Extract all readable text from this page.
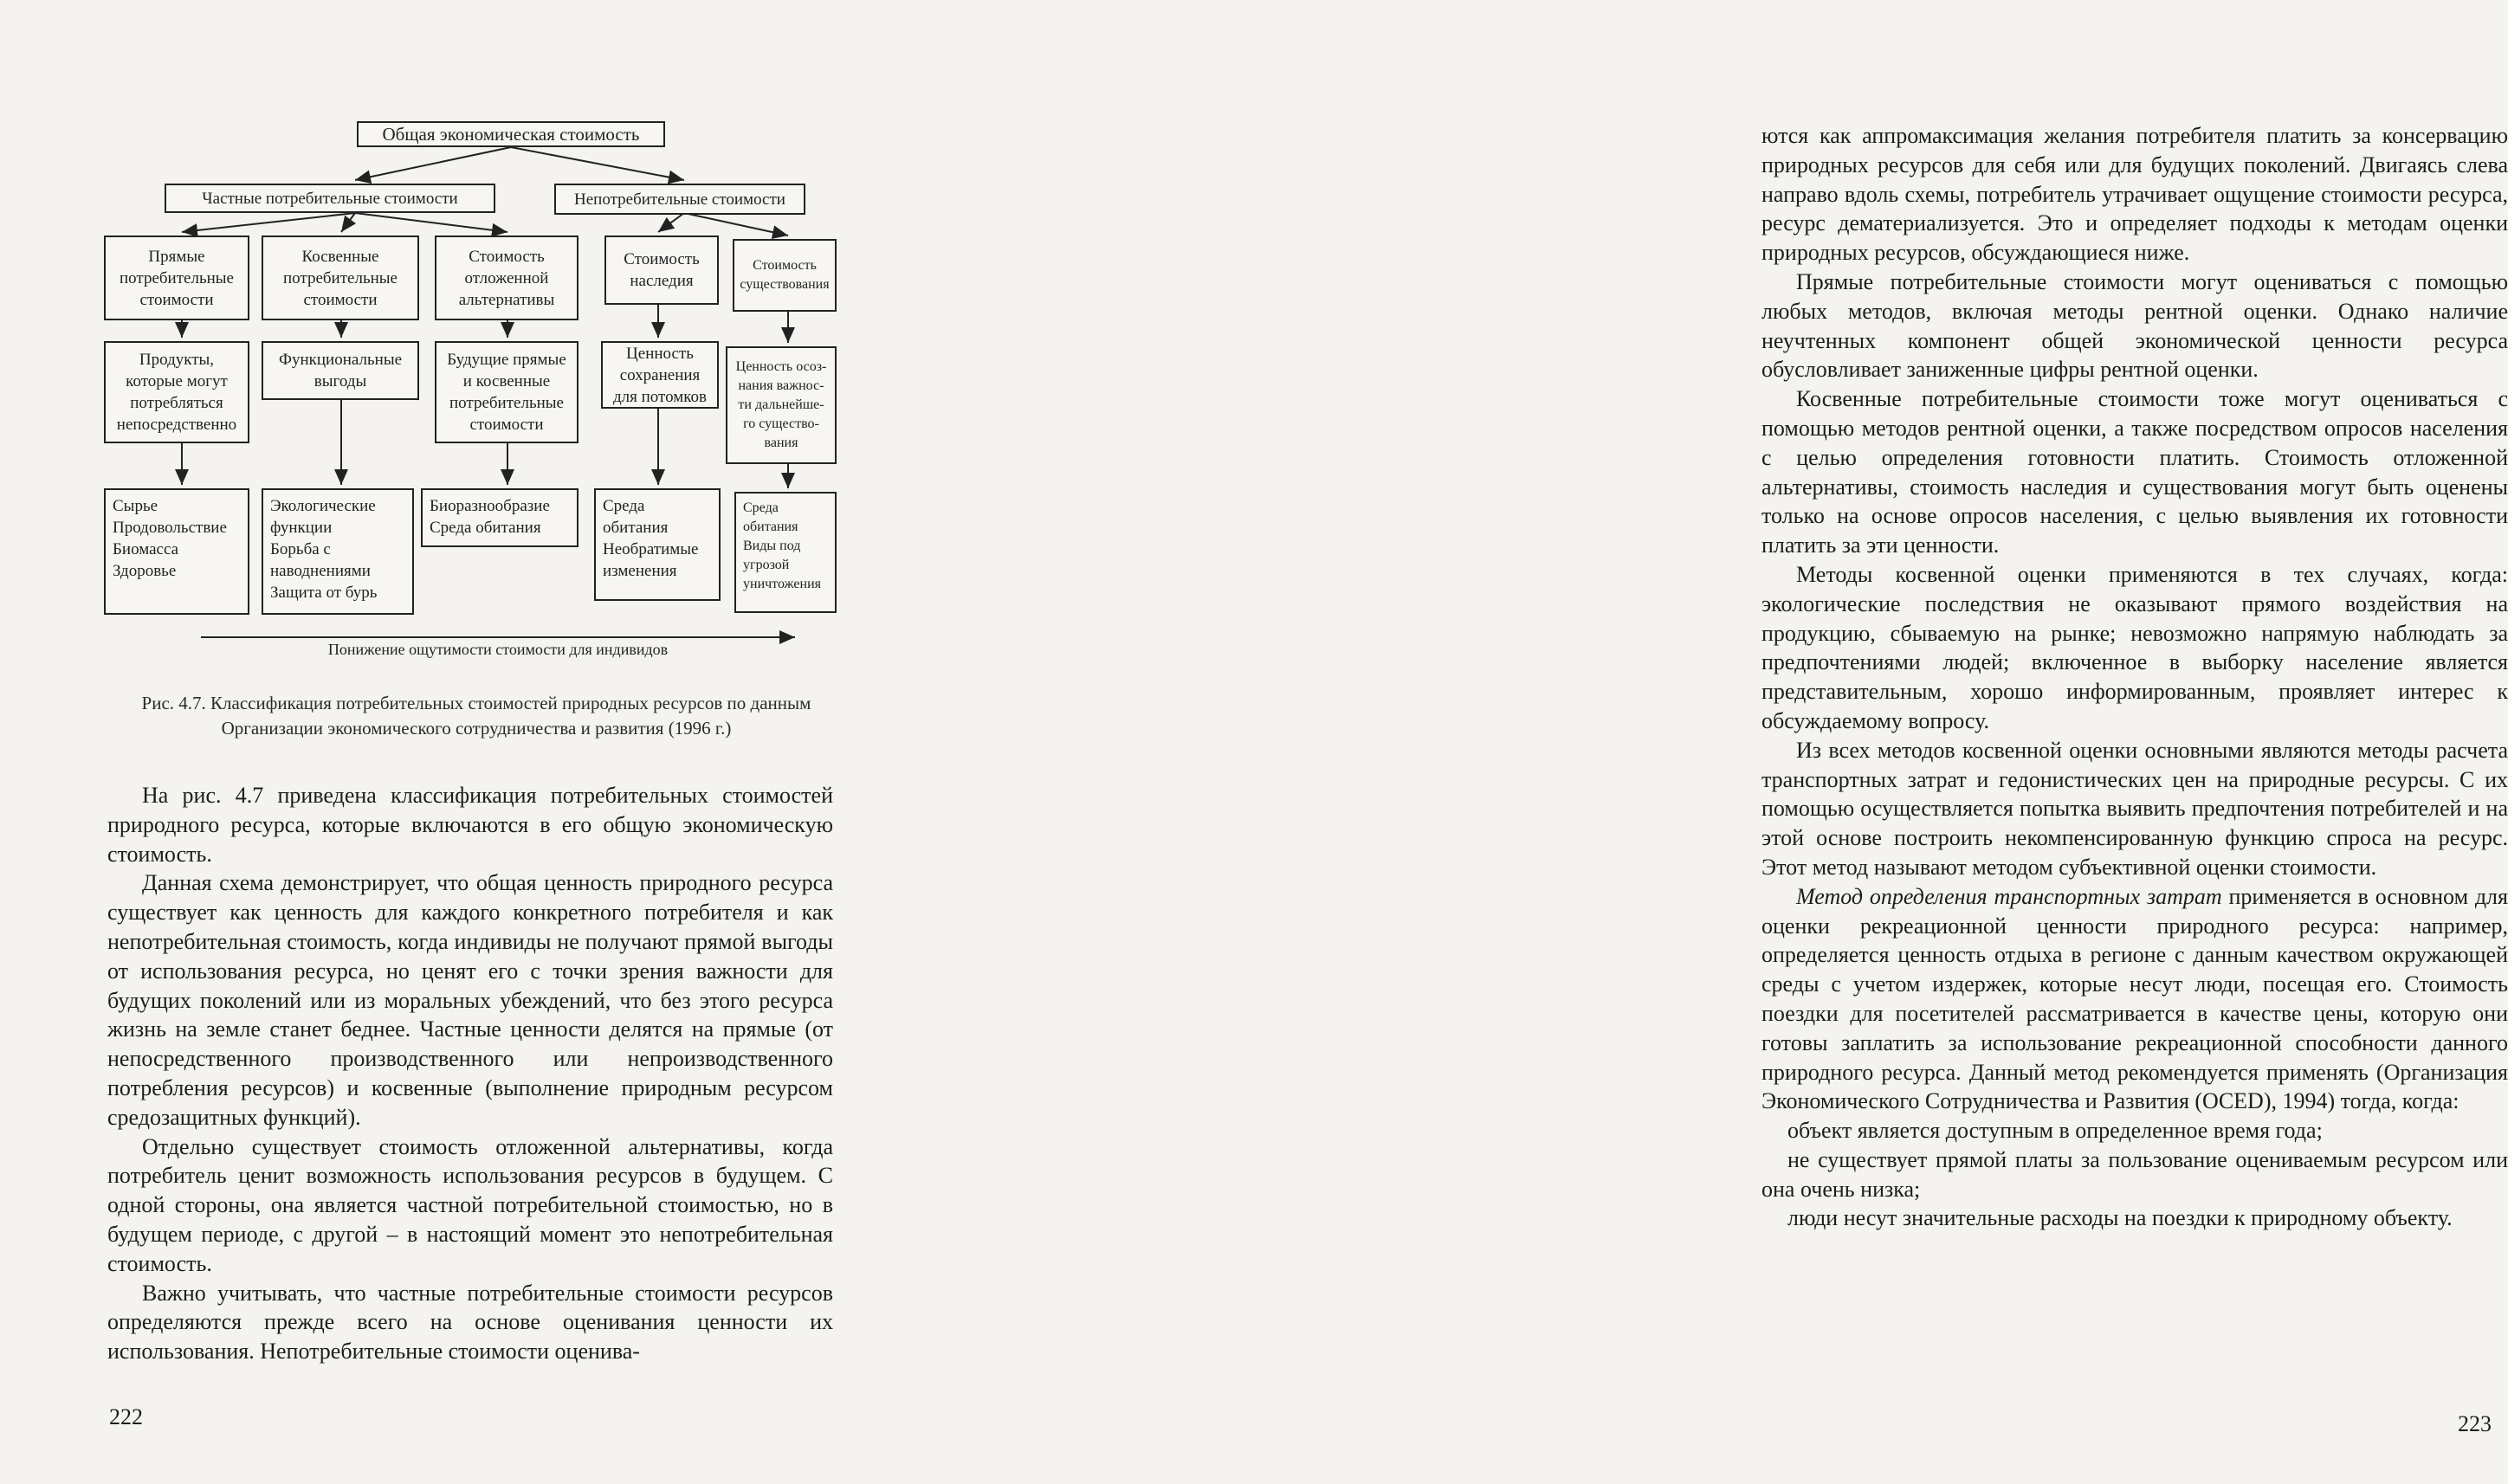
Общая экономическая стоимость
Частные потребительные стоимости	Непотребительные стоимости
Прямые
потребительные
стоимости
Косвенные
потребительные
стоимости
Стоимость
отложенной
альтернативы
Стоимость
наследия
Стоимость
существования
Продукты,
которые могут
потребляться
непосредственно
Функциональные
выгоды
Будущие прямые
и косвенные
потребительные
стоимости
Ценность
сохранения
для потомков
Ценность осоз-
нания важнос-
ти дальнейше-
го существо-
вания
Сырье
Продовольствие
Биомасса
Здоровье
Экологические
функции
Борьба с
наводнениями
Защита от бурь
Биоразнообразие
Среда обитания
Среда
обитания
Необратимые
изменения
Среда
обитания
Виды под
угрозой
уничтожения
Понижение ощутимости стоимости для индивидов
Рис. 4.7. Классификация потребительных стоимостей природных ресурсов по данным Организации экономического сотрудничества и развития (1996 г.)

На рис. 4.7 приведена классификация потребительных стоимостей природного ресурса, которые включаются в его общую экономическую стоимость.

Данная схема демонстрирует, что общая ценность природного ресурса существует как ценность для каждого конкретного потребителя и как непотребительная стоимость, когда индивиды не получают прямой выгоды от использования ресурса, но ценят его с точки зрения важности для будущих поколений или из моральных убеждений, что без этого ресурса жизнь на земле станет беднее. Частные ценности делятся на прямые (от непосредственного производственного или непроизводственного потребления ресурсов) и косвенные (выполнение природным ресурсом средозащитных функций).

Отдельно существует стоимость отложенной альтернативы, когда потребитель ценит возможность использования ресурсов в будущем. С одной стороны, она является частной потребительной стоимостью, но в будущем периоде, с другой – в настоящий момент это непотребительная стоимость.

Важно учитывать, что частные потребительные стоимости ресурсов определяются прежде всего на основе оценивания ценности их использования. Непотребительные стоимости оценива-

222

ются как аппромаксимация желания потребителя платить за консервацию природных ресурсов для себя или для будущих поколений. Двигаясь слева направо вдоль схемы, потребитель утрачивает ощущение стоимости ресурса, ресурс дематериализуется. Это и определяет подходы к методам оценки природных ресурсов, обсуждающиеся ниже.

Прямые потребительные стоимости могут оцениваться с помощью любых методов, включая методы рентной оценки. Однако наличие неучтенных компонент общей экономической ценности ресурса обусловливает заниженные цифры рентной оценки.

Косвенные потребительные стоимости тоже могут оцениваться с помощью методов рентной оценки, а также посредством опросов населения с целью определения готовности платить. Стоимость отложенной альтернативы, стоимость наследия и существования могут быть оценены только на основе опросов населения, с целью выявления их готовности платить за эти ценности.

Методы косвенной оценки применяются в тех случаях, когда: экологические последствия не оказывают прямого воздействия на продукцию, сбываемую на рынке; невозможно напрямую наблюдать за предпочтениями людей; включенное в выборку население является представительным, хорошо информированным, проявляет интерес к обсуждаемому вопросу.

Из всех методов косвенной оценки основными являются методы расчета транспортных затрат и гедонистических цен на природные ресурсы. С их помощью осуществляется попытка выявить предпочтения потребителей и на этой основе построить некомпенсированную функцию спроса на ресурс. Этот метод называют методом субъективной оценки стоимости.

Метод определения транспортных затрат применяется в основном для оценки рекреационной ценности природного ресурса: например, определяется ценность отдыха в регионе с данным качеством окружающей среды с учетом издержек, которые несут люди, посещая его. Стоимость поездки для посетителей рассматривается в качестве цены, которую они готовы заплатить за использование рекреационной способности данного природного ресурса. Данный метод рекомендуется применять (Организация Экономического Сотрудничества и Развития (OCED), 1994) тогда, когда:

объект является доступным в определенное время года;

не существует прямой платы за пользование оцениваемым ресурсом или она очень низка;

люди несут значительные расходы на поездки к природному объекту.

223
